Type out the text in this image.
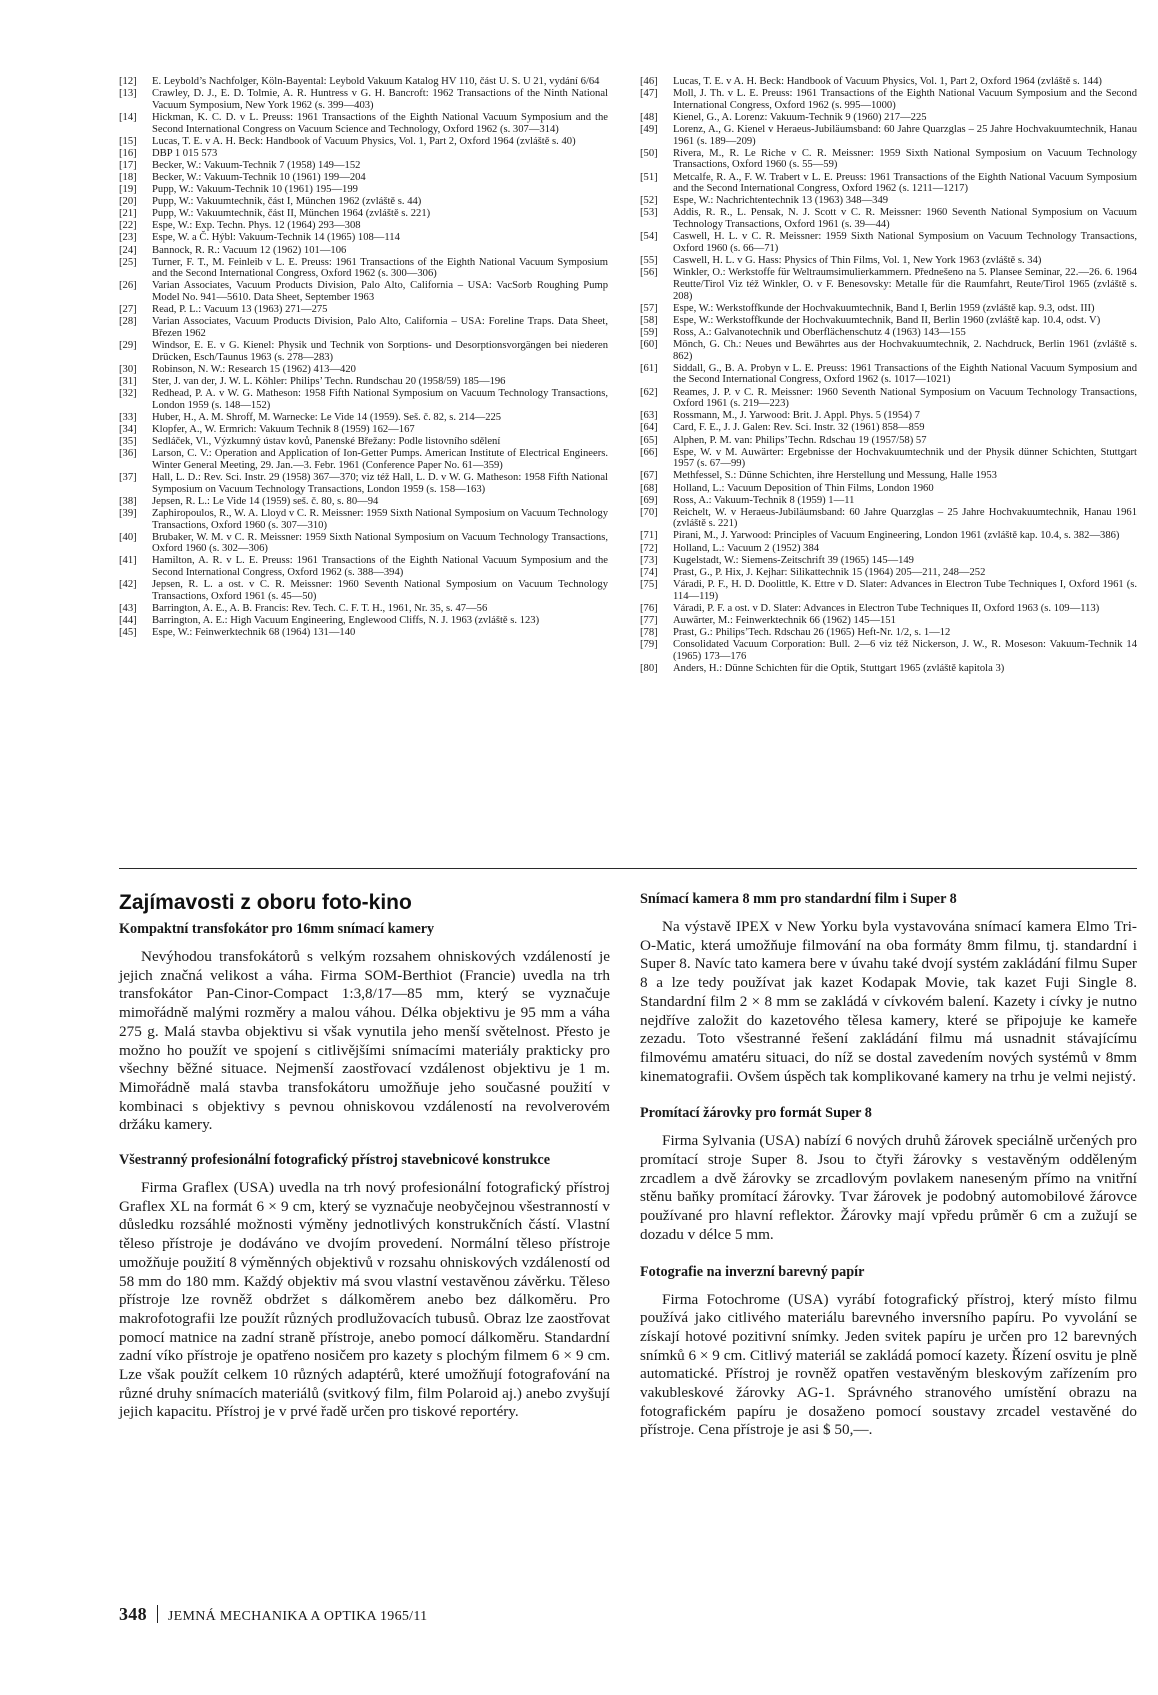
[12]	E. Leybold’s Nachfolger, Köln-Bayental: Leybold Vakuum Katalog HV 110, část U. S. U 21, vydání 6/64
[13]	Crawley, D. J., E. D. Tolmie, A. R. Huntress v G. H. Bancroft: 1962 Transactions of the Ninth National Vacuum Symposium, New York 1962 (s. 399—403)
[14]	Hickman, K. C. D. v L. Preuss: 1961 Transactions of the Eighth National Vacuum Symposium and the Second International Congress on Vacuum Science and Technology, Oxford 1962 (s. 307—314)
[15]	Lucas, T. E. v A. H. Beck: Handbook of Vacuum Physics, Vol. 1, Part 2, Oxford 1964 (zvláště s. 40)
[16]	DBP 1 015 573
[17]	Becker, W.: Vakuum-Technik 7 (1958) 149—152
[18]	Becker, W.: Vakuum-Technik 10 (1961) 199—204
[19]	Pupp, W.: Vakuum-Technik 10 (1961) 195—199
[20]	Pupp, W.: Vakuumtechnik, část I, München 1962 (zvláště s. 44)
[21]	Pupp, W.: Vakuumtechnik, část II, München 1964 (zvláště s. 221)
[22]	Espe, W.: Exp. Techn. Phys. 12 (1964) 293—308
[23]	Espe, W. a Č. Hýbl: Vakuum-Technik 14 (1965) 108—114
[24]	Bannock, R. R.: Vacuum 12 (1962) 101—106
[25]	Turner, F. T., M. Feinleib v L. E. Preuss: 1961 Transactions of the Eighth National Vacuum Symposium and the Second International Congress, Oxford 1962 (s. 300—306)
[26]	Varian Associates, Vacuum Products Division, Palo Alto, California – USA: VacSorb Roughing Pump Model No. 941—5610. Data Sheet, September 1963
[27]	Read, P. L.: Vacuum 13 (1963) 271—275
[28]	Varian Associates, Vacuum Products Division, Palo Alto, California – USA: Foreline Traps. Data Sheet, Březen 1962
[29]	Windsor, E. E. v G. Kienel: Physik und Technik von Sorptions- und Desorptionsvorgängen bei niederen Drücken, Esch/Taunus 1963 (s. 278—283)
[30]	Robinson, N. W.: Research 15 (1962) 413—420
[31]	Ster, J. van der, J. W. L. Köhler: Philips’ Techn. Rundschau 20 (1958/59) 185—196
[32]	Redhead, P. A. v W. G. Matheson: 1958 Fifth National Symposium on Vacuum Technology Transactions, London 1959 (s. 148—152)
[33]	Huber, H., A. M. Shroff, M. Warnecke: Le Vide 14 (1959). Seš. č. 82, s. 214—225
[34]	Klopfer, A., W. Ermrich: Vakuum Technik 8 (1959) 162—167
[35]	Sedláček, Vl., Výzkumný ústav kovů, Panenské Břežany: Podle listovního sdělení
[36]	Larson, C. V.: Operation and Application of Ion-Getter Pumps. American Institute of Electrical Engineers. Winter General Meeting, 29. Jan.—3. Febr. 1961 (Conference Paper No. 61—359)
[37]	Hall, L. D.: Rev. Sci. Instr. 29 (1958) 367—370; viz též Hall, L. D. v W. G. Matheson: 1958 Fifth National Symposium on Vacuum Technology Transactions, London 1959 (s. 158—163)
[38]	Jepsen, R. L.: Le Vide 14 (1959) seš. č. 80, s. 80—94
[39]	Zaphiropoulos, R., W. A. Lloyd v C. R. Meissner: 1959 Sixth National Symposium on Vacuum Technology Transactions, Oxford 1960 (s. 307—310)
[40]	Brubaker, W. M. v C. R. Meissner: 1959 Sixth National Symposium on Vacuum Technology Transactions, Oxford 1960 (s. 302—306)
[41]	Hamilton, A. R. v L. E. Preuss: 1961 Transactions of the Eighth National Vacuum Symposium and the Second International Congress, Oxford 1962 (s. 388—394)
[42]	Jepsen, R. L. a ost. v C. R. Meissner: 1960 Seventh National Symposium on Vacuum Technology Transactions, Oxford 1961 (s. 45—50)
[43]	Barrington, A. E., A. B. Francis: Rev. Tech. C. F. T. H., 1961, Nr. 35, s. 47—56
[44]	Barrington, A. E.: High Vacuum Engineering, Englewood Cliffs, N. J. 1963 (zvláště s. 123)
[45]	Espe, W.: Feinwerktechnik 68 (1964) 131—140
[46]	Lucas, T. E. v A. H. Beck: Handbook of Vacuum Physics, Vol. 1, Part 2, Oxford 1964 (zvláště s. 144)
[47]	Moll, J. Th. v L. E. Preuss: 1961 Transactions of the Eighth National Vacuum Symposium and the Second International Congress, Oxford 1962 (s. 995—1000)
[48]	Kienel, G., A. Lorenz: Vakuum-Technik 9 (1960) 217—225
[49]	Lorenz, A., G. Kienel v Heraeus-Jubiläumsband: 60 Jahre Quarzglas – 25 Jahre Hochvakuumtechnik, Hanau 1961 (s. 189—209)
[50]	Rivera, M., R. Le Riche v C. R. Meissner: 1959 Sixth National Symposium on Vacuum Technology Transactions, Oxford 1960 (s. 55—59)
[51]	Metcalfe, R. A., F. W. Trabert v L. E. Preuss: 1961 Transactions of the Eighth National Vacuum Symposium and the Second International Congress, Oxford 1962 (s. 1211—1217)
[52]	Espe, W.: Nachrichtentechnik 13 (1963) 348—349
[53]	Addis, R. R., L. Pensak, N. J. Scott v C. R. Meissner: 1960 Seventh National Symposium on Vacuum Technology Transactions, Oxford 1961 (s. 39—44)
[54]	Caswell, H. L. v C. R. Meissner: 1959 Sixth National Symposium on Vacuum Technology Transactions, Oxford 1960 (s. 66—71)
[55]	Caswell, H. L. v G. Hass: Physics of Thin Films, Vol. 1, New York 1963 (zvláště s. 34)
[56]	Winkler, O.: Werkstoffe für Weltraumsimulierkammern. Přednešeno na 5. Plansee Seminar, 22.—26. 6. 1964 Reutte/Tirol Viz též Winkler, O. v F. Benesovsky: Metalle für die Raumfahrt, Reute/Tirol 1965 (zvláště s. 208)
[57]	Espe, W.: Werkstoffkunde der Hochvakuumtechnik, Band I, Berlin 1959 (zvláště kap. 9.3, odst. III)
[58]	Espe, W.: Werkstoffkunde der Hochvakuumtechnik, Band II, Berlin 1960 (zvláště kap. 10.4, odst. V)
[59]	Ross, A.: Galvanotechnik und Oberflächenschutz 4 (1963) 143—155
[60]	Mönch, G. Ch.: Neues und Bewährtes aus der Hochvakuumtechnik, 2. Nachdruck, Berlin 1961 (zvláště s. 862)
[61]	Siddall, G., B. A. Probyn v L. E. Preuss: 1961 Transactions of the Eighth National Vacuum Symposium and the Second International Congress, Oxford 1962 (s. 1017—1021)
[62]	Reames, J. P. v C. R. Meissner: 1960 Seventh National Symposium on Vacuum Technology Transactions, Oxford 1961 (s. 219—223)
[63]	Rossmann, M., J. Yarwood: Brit. J. Appl. Phys. 5 (1954) 7
[64]	Card, F. E., J. J. Galen: Rev. Sci. Instr. 32 (1961) 858—859
[65]	Alphen, P. M. van: Philips’Techn. Rdschau 19 (1957/58) 57
[66]	Espe, W. v M. Auwärter: Ergebnisse der Hochvakuumtechnik und der Physik dünner Schichten, Stuttgart 1957 (s. 67—99)
[67]	Methfessel, S.: Dünne Schichten, ihre Herstellung und Messung, Halle 1953
[68]	Holland, L.: Vacuum Deposition of Thin Films, London 1960
[69]	Ross, A.: Vakuum-Technik 8 (1959) 1—11
[70]	Reichelt, W. v Heraeus-Jubiläumsband: 60 Jahre Quarzglas – 25 Jahre Hochvakuumtechnik, Hanau 1961 (zvláště s. 221)
[71]	Pirani, M., J. Yarwood: Principles of Vacuum Engineering, London 1961 (zvláště kap. 10.4, s. 382—386)
[72]	Holland, L.: Vacuum 2 (1952) 384
[73]	Kugelstadt, W.: Siemens-Zeitschrift 39 (1965) 145—149
[74]	Prast, G., P. Hix, J. Kejhar: Silikattechnik 15 (1964) 205—211, 248—252
[75]	Váradi, P. F., H. D. Doolittle, K. Ettre v D. Slater: Advances in Electron Tube Techniques I, Oxford 1961 (s. 114—119)
[76]	Váradi, P. F. a ost. v D. Slater: Advances in Electron Tube Techniques II, Oxford 1963 (s. 109—113)
[77]	Auwärter, M.: Feinwerktechnik 66 (1962) 145—151
[78]	Prast, G.: Philips’Tech. Rdschau 26 (1965) Heft-Nr. 1/2, s. 1—12
[79]	Consolidated Vacuum Corporation: Bull. 2—6 viz též Nickerson, J. W., R. Moseson: Vakuum-Technik 14 (1965) 173—176
[80]	Anders, H.: Dünne Schichten für die Optik, Stuttgart 1965 (zvláště kapitola 3)
Zajímavosti z oboru foto-kino
Kompaktní transfokátor pro 16mm snímací kamery

Nevýhodou transfokátorů s velkým rozsahem ohniskových vzdáleností je jejich značná velikost a váha. Firma SOM-Berthiot (Francie) uvedla na trh transfokátor Pan-Cinor-Compact 1:3,8/17—85 mm, který se vyznačuje mimořádně malými rozměry a malou váhou. Délka objektivu je 95 mm a váha 275 g. Malá stavba objektivu si však vynutila jeho menší světelnost. Přesto je možno ho použít ve spojení s citlivějšími snímacími materiály prakticky pro všechny běžné situace. Nejmenší zaostřovací vzdálenost objektivu je 1 m. Mimořádně malá stavba transfokátoru umožňuje jeho současné použití v kombinaci s objektivy s pevnou ohniskovou vzdáleností na revolverovém držáku kamery.

Všestranný profesionální fotografický přístroj stavebnicové konstrukce

Firma Graflex (USA) uvedla na trh nový profesionální fotografický přístroj Graflex XL na formát 6 × 9 cm, který se vyznačuje neobyčejnou všestranností v důsledku rozsáhlé možnosti výměny jednotlivých konstrukčních částí. Vlastní těleso přístroje je dodáváno ve dvojím provedení. Normální těleso přístroje umožňuje použití 8 výměnných objektivů v rozsahu ohniskových vzdáleností od 58 mm do 180 mm. Každý objektiv má svou vlastní vestavěnou závěrku. Těleso přístroje lze rovněž obdržet s dálkoměrem anebo bez dálkoměru. Pro makrofotografii lze použít různých prodlužovacích tubusů. Obraz lze zaostřovat pomocí matnice na zadní straně přístroje, anebo pomocí dálkoměru. Standardní zadní víko přístroje je opatřeno nosičem pro kazety s plochým filmem 6 × 9 cm. Lze však použít celkem 10 různých adaptérů, které umožňují fotografování na různé druhy snímacích materiálů (svitkový film, film Polaroid aj.) anebo zvyšují jejich kapacitu. Přístroj je v prvé řadě určen pro tiskové reportéry.

Snímací kamera 8 mm pro standardní film i Super 8

Na výstavě IPEX v New Yorku byla vystavována snímací kamera Elmo Tri-O-Matic, která umožňuje filmování na oba formáty 8mm filmu, tj. standardní i Super 8. Navíc tato kamera bere v úvahu také dvojí systém zakládání filmu Super 8 a lze tedy používat jak kazet Kodapak Movie, tak kazet Fuji Single 8. Standardní film 2 × 8 mm se zakládá v cívkovém balení. Kazety i cívky je nutno nejdříve založit do kazetového tělesa kamery, které se připojuje ke kameře zezadu. Toto všestranné řešení zakládání filmu má usnadnit stávajícímu filmovému amatéru situaci, do níž se dostal zavedením nových systémů v 8mm kinematografii. Ovšem úspěch tak komplikované kamery na trhu je velmi nejistý.

Promítací žárovky pro formát Super 8

Firma Sylvania (USA) nabízí 6 nových druhů žárovek speciálně určených pro promítací stroje Super 8. Jsou to čtyři žárovky s vestavěným odděleným zrcadlem a dvě žárovky se zrcadlovým povlakem naneseným přímo na vnitřní stěnu baňky promítací žárovky. Tvar žárovek je podobný automobilové žárovce používané pro hlavní reflektor. Žárovky mají vpředu průměr 6 cm a zužují se dozadu v délce 5 mm.

Fotografie na inverzní barevný papír

Firma Fotochrome (USA) vyrábí fotografický přístroj, který místo filmu používá jako citlivého materiálu barevného inversního papíru. Po vyvolání se získají hotové pozitivní snímky. Jeden svitek papíru je určen pro 12 barevných snímků 6 × 9 cm. Citlivý materiál se zakládá pomocí kazety. Řízení osvitu je plně automatické. Přístroj je rovněž opatřen vestavěným bleskovým zařízením pro vakubleskové žárovky AG-1. Správného stranového umístění obrazu na fotografickém papíru je dosaženo pomocí soustavy zrcadel vestavěné do přístroje. Cena přístroje je asi $ 50,—.

348 JEMNÁ MECHANIKA A OPTIKA 1965/11
